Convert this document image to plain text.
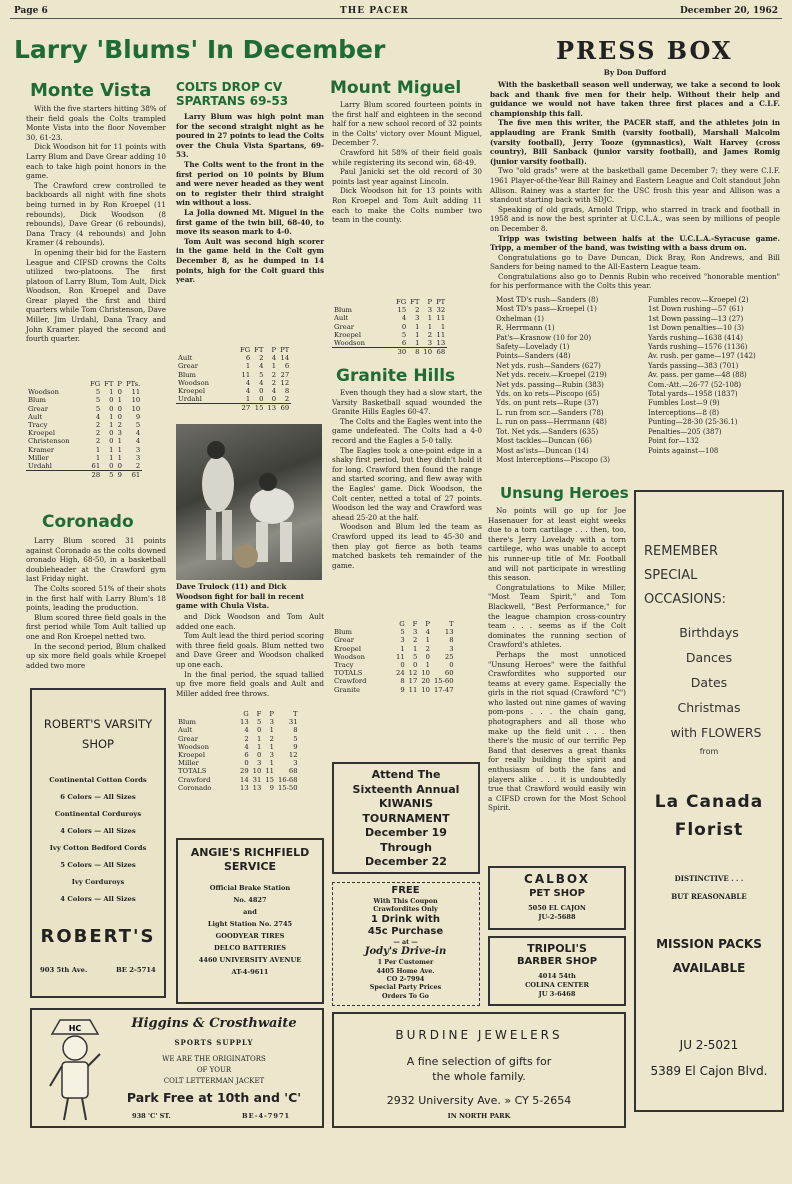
Page 6	THE PACER	December 20, 1962
Larry 'Blums' In December
Monte Vista

With the five starters hitting 38% of their field goals the Colts trampled Monte Vista into the floor November 30, 61-23.

Dick Woodson hit for 11 points with Larry Blum and Dave Grear adding 10 each to take high point honors in the game.

The Crawford crew controlled te backboards all night with fine shots being turned in by Ron Kroepel (11 rebounds), Dick Woodson (8 rebounds), Dave Grear (6 rebounds), Dana Tracy (4 rebounds) and John Kramer (4 rebounds).

In opening their bid for the Eastern League and CIFSD crowns the Colts utilized two-platoons. The first platoon of Larry Blum, Tom Ault, Dick Woodson, Ron Kroepel and Dave Grear played the first and third quarters while Tom Christenson, Dave Miller, Jim Urdahl, Dana Tracy and John Kramer played the second and fourth quarter.

	FG	FT	P	PTs.
Woodson	5	1	0	11
Blum	5	0	1	10
Grear	5	0	0	10
Ault	4	1	0	9
Tracy	2	1	2	5
Kroepel	2	0	3	4
Christenson	2	0	1	4
Kramer	1	1	1	3
Miller	1	1	1	3
Urdahl	61	0	0	2
	28	5	9	61
Coronado

Larry Blum scored 31 points against Coronado as the colts downed oronado High, 68-50, in a basketball doubleheader at the Crawford gym last Friday night.

The Colts scored 51% of their shots in the first half with Larry Blum's 18 points, leading the production.

Blum scored three field goals in the first period while Tom Ault tallied up one and Ron Kroepel netted two.

In the second period, Blum chalked up six more field goals while Kroepel added two more

COLTS DROP CV SPARTANS 69-53

Larry Blum was high point man for the second straight night as he poured in 27 points to lead the Colts over the Chula Vista Spartans, 69-53.

The Colts went to the front in the first period on 10 points by Blum and were never headed as they went on to register their third straight win without a loss.

La Jolla downed Mt. Miguel in the first game of the twin bill, 68-40, to move its season mark to 4-0.

Tom Ault was second high scorer in the game held in the Colt gym December 8, as he dumped in 14 points, high for the Colt guard this year.

	FG	FT	P	PT
Ault	6	2	4	14
Grear	1	4	1	6
Blum	11	5	2	27
Woodson	4	4	2	12
Kroepel	4	0	4	8
Urdahl	1	0	0	2
	27	15	13	69
Dave Trulock (11) and Dick Woodson fight for ball in recent game with Chula Vista.

and Dick Woodson and Tom Ault added one each.

Tom Ault lead the third period scoring with three field goals. Blum netted two and Dave Greer and Woodson chalked up one each.

In the final period, the squad tallied up five more field goals and Ault and Miller added free throws.

	G	F	P	T
Blum	13	5	3	31
Ault	4	0	1	8
Grear	2	1	2	5
Woodson	4	1	1	9
Kroepel	6	0	3	12
Miller	0	3	1	3
TOTALS	29	10	11	68
Crawford	14	31	15	16-68
Coronado	13	13	9	15-50
Mount Miguel

Larry Blum scored fourteen points in the first half and eighteen in the second half for a new school record of 32 points in the Colts' victory over Mount Miguel, December 7.

Crawford hit 58% of their field goals while registering its second win, 68-49.

Paul Janicki set the old record of 30 points last year against Lincoln.

Dick Woodson hit for 13 points with Ron Kroepel and Tom Ault adding 11 each to make the Colts number two team in the county.

	FG	FT	P	PT
Blum	15	2	3	32
Ault	4	3	1	11
Grear	0	1	1	1
Kroepel	5	1	2	11
Woodson	6	1	3	13
	30	8	10	68
Granite Hills

Even though they had a slow start, the Varsity Basketball squad wounded the Granite Hills Eagles 60-47.

The Colts and the Eagles went into the game undefeated. The Colts had a 4-0 record and the Eagles a 5-0 tally.

The Eagles took a one-point edge in a shaky first period, but they didn't hold it for long. Crawford then found the range and started scoring, and flew away with the Eagles' game. Dick Woodson, the Colt center, netted a total of 27 points. Woodson led the way and Crawford was ahead 25-20 at the half.

Woodson and Blum led the team as Crawford upped its lead to 45-30 and then play got fierce as both teams matched baskets teh remainder of the game.

	G	F	P	T
Blum	5	3	4	13
Grear	3	2	1	8
Kroepel	1	1	2	3
Woodson	11	5	0	25
Tracy	0	0	1	0
TOTALS	24	12	10	60
Crawford	8	17	20	15-60
Granite	9	11	10	17-47
PRESS BOX
By Don Dufford

With the basketball season well underway, we take a second to look back and thank five men for their help. Without their help and guidance we would not have taken three first places and a C.I.F. championship this fall.

The five men this writer, the PACER staff, and the athletes join in applauding are Frank Smith (varsity football), Marshall Malcolm (varsity football), Jerry Tooze (gymnastics), Walt Harvey (cross country), Bill Sanback (junior varsity football), and James Romig (junior varsity football).

Two "old grads" were at the basketball game December 7; they were C.I.F. 1961 Player-of-the-Year Bill Rainey and Eastern League and Colt standout John Allison. Rainey was a starter for the USC frosh this year and Allison was a standout starting back with SDJC.

Speaking of old grads, Arnold Tripp, who starred in track and football in 1958 and is now the best sprinter at U.C.L.A., was seen by millions of people on December 8.

Tripp was twisting between halfs at the U.C.L.A.-Syracuse game. Tripp, a member of the band, was twisting with a bass drum on.

Congratulations go to Dave Duncan, Dick Bray, Ron Andrews, and Bill Sanders for being named to the All-Eastern League team.

Congratulations also go to Dennis Rubin who received "honorable mention" for his performance with the Colts this year.

Most TD's rush—Sanders (8)
Most TD's pass—Kroepel (1)
Oxhelman (1)
R. Herrmann (1)
Pat's—Krasnow (10 for 20)
Safety—Lovelady (1)
Points—Sanders (48)
Net yds. rush—Sanders (627)
Net yds. receiv.—Kroepel (219)
Net yds. passing—Rubin (383)
Yds. on ko rets—Piscopo (65)
Yds. on punt rets—Rupe (37)
L. run from scr.—Sanders (78)
L. run on pass—Herrmann (48)
Tot. Net yds.—Sanders (635)
Most tackles—Duncan (66)
Most as'ists—Duncan (14)
Most Interceptions—Piscopo (3)
Fumbles recov.—Kroepel (2)
1st Down rushing—57 (61)
1st Down passing—13 (27)
1st Down penalties—10 (3)
Yards rushing—1638 (414)
Yards rushing—1576 (1136)
Av. rush. per game—197 (142)
Yards passing—383 (701)
Av. pass. per game—48 (88)
Com.-Att.—26-77 (52-108)
Total yards—1958 (1837)
Fumbles Lost—9 (9)
Interceptions—8 (8)
Punting—28-30 (25-36.1)
Penalties—205 (387)
Point for—132
Points against—108
Unsung Heroes

No points will go up for Joe Hasenauer for at least eight weeks due to a torn cartilage . . . then, too, there's Jerry Lovelady with a torn cartilege, who was unable to accept his runner-up title of Mr. Football and will not participate in wrestling this season.

Congratulations to Mike Miller, "Most Team Spirit," and Tom Blackwell, "Best Performance," for the league champion cross-country team . . . seems as if the Colt dominates the running section of Crawford's athletes.

Perhaps the most unnoticed "Unsung Heroes" were the faithful Crawfordites who supported our teams at every game. Especially the girls in the riot squad (Crawford "C") who lasted out nine games of waving pom-pons . . . the chain gang, photographers and all those who make up the field unit . . . then there's the music of our terrific Pep Band that deserves a great thanks for really building the spirit and enthusiasm of both the fans and players alike . . . it is undoubtedly true that Crawford would easily win a CIFSD crown for the Most School Spirit.

REMEMBER
SPECIAL
OCCASIONS:
Birthdays
Dances
Dates
Christmas
with FLOWERS
from
La Canada
Florist
DISTINCTIVE . . .
BUT REASONABLE
MISSION PACKS
AVAILABLE
JU 2-5021
5389 El Cajon Blvd.
ROBERT'S VARSITY SHOP
Continental Cotton Cords
6 Colors — All Sizes
Continental Corduroys
4 Colors — All Sizes
Ivy Cotton Bedford Cords
5 Colors — All Sizes
Ivy Corduroys
4 Colors — All Sizes
ROBERT'S
903 5th Ave.	BE 2-5714
ANGIE'S RICHFIELD SERVICE
Official Brake Station
No. 4827
and
Light Station No. 2745
GOODYEAR TIRES
DELCO BATTERIES
4460 UNIVERSITY AVENUE
AT-4-9611
Attend The
Sixteenth Annual
KIWANIS
TOURNAMENT
December 19
Through
December 22
FREE
With This Coupon
Crawfordites Only
1 Drink with
45c Purchase
— at —
Jody's Drive-in
1 Per Customer
4405 Home Ave.
CO 2-7994
Special Party Prices
Orders To Go
CALBOX
PET SHOP
5050 EL CAJON
JU-2-5688
TRIPOLI'S
BARBER SHOP
4014 54th
COLINA CENTER
JU 3-6468
HC	Higgins & Crosthwaite
SPORTS SUPPLY
WE ARE THE ORIGINATORS
OF YOUR
COLT LETTERMAN JACKET
Park Free at 10th and 'C'
938 'C' ST.	BE-4-7971
BURDINE JEWELERS
A fine selection of gifts for
the whole family.
2932 University Ave. » CY 5-2654
IN NORTH PARK
